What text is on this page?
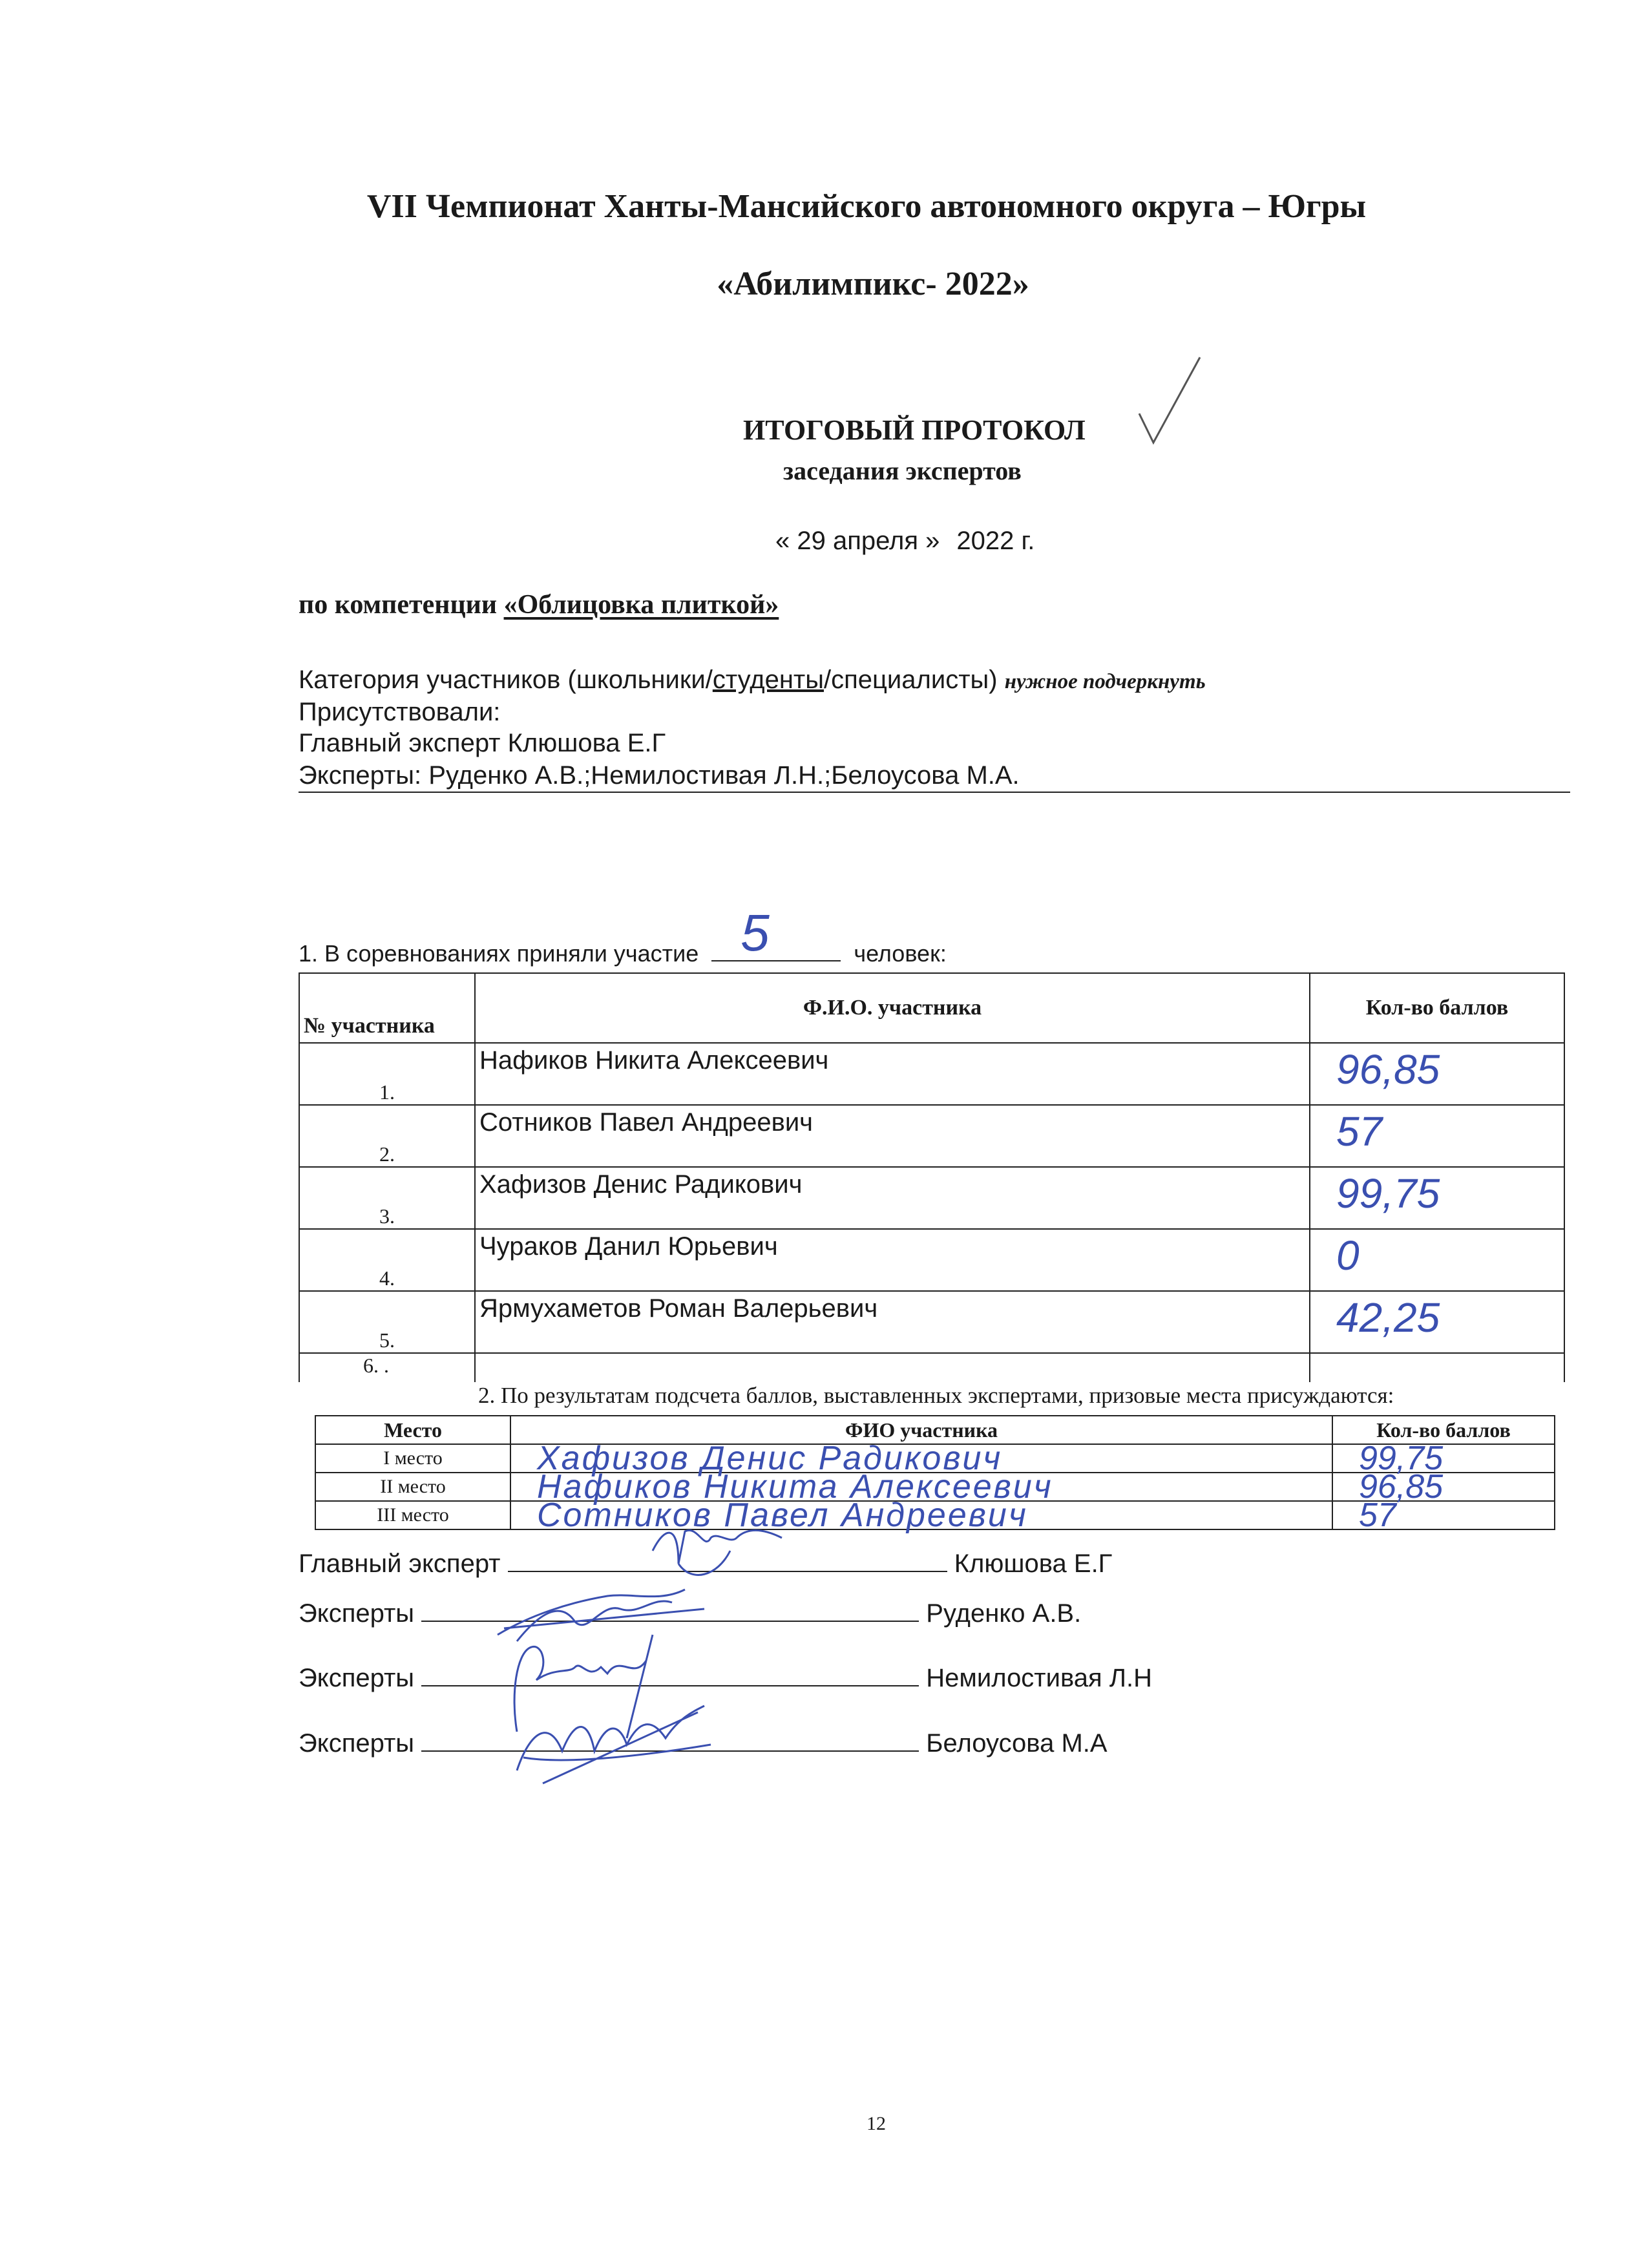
VII Чемпионат Ханты-Мансийского автономного округа – Югры
«Абилимпикс- 2022»
ИТОГОВЫЙ ПРОТОКОЛ
заседания экспертов
« 29 апреля » 2022 г.
по компетенции «Облицовка плиткой»
Категория участников (школьники/студенты/специалисты) нужное подчеркнуть
Присутствовали:
Главный эксперт Клюшова Е.Г
Эксперты: Руденко А.В.;Немилостивая Л.Н.;Белоусова М.А.
1. В соревнованиях приняли участие 5	человек:
№ участника	Ф.И.О. участника	Кол-во баллов
1.	Нафиков Никита Алексеевич	96,85
2.	Сотников Павел Андреевич	57
3.	Хафизов Денис Радикович	99,75
4.	Чураков Данил Юрьевич	0
5.	Ярмухаметов Роман Валерьевич	42,25
6. .		
2. По результатам подсчета баллов, выставленных экспертами, призовые места присуждаются:
Место	ФИО участника	Кол-во баллов
I место	Хафизов Денис Радикович	99,75
II место	Нафиков Никита Алексеевич	96,85
III место	Сотников Павел Андреевич	57
Главный эксперт	Клюшова Е.Г
Эксперты	Руденко А.В.
Эксперты	Немилостивая Л.Н
Эксперты	Белоусова М.А
12
